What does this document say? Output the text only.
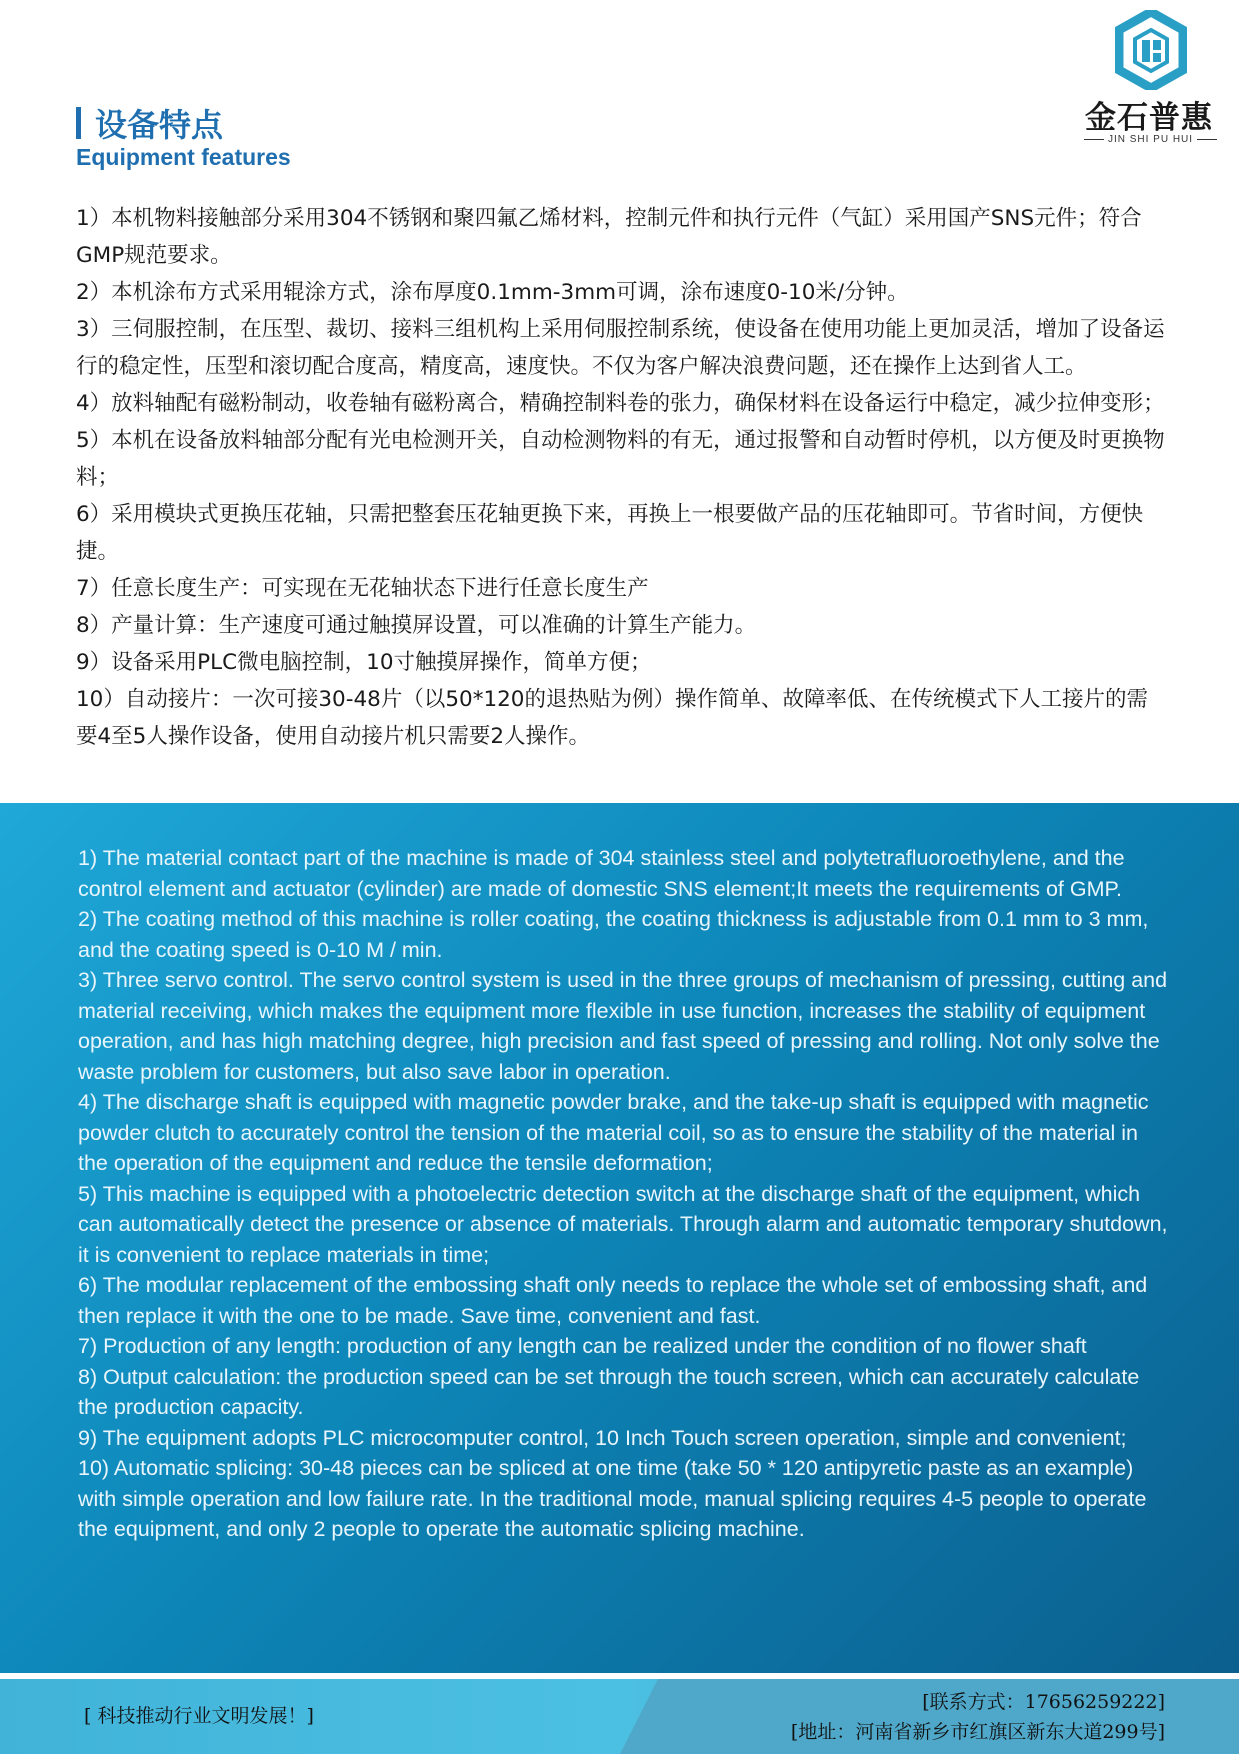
金石普惠
JIN SHI PU HUI
设备特点
Equipment features

1）本机物料接触部分采用304不锈钢和聚四氟乙烯材料，控制元件和执行元件（气缸）采用国产SNS元件；符合GMP规范要求。

2）本机涂布方式采用辊涂方式，涂布厚度0.1mm-3mm可调，涂布速度0-10米/分钟。

3）三伺服控制，在压型、裁切、接料三组机构上采用伺服控制系统，使设备在使用功能上更加灵活，增加了设备运行的稳定性，压型和滚切配合度高，精度高，速度快。不仅为客户解决浪费问题，还在操作上达到省人工。

4）放料轴配有磁粉制动，收卷轴有磁粉离合，精确控制料卷的张力，确保材料在设备运行中稳定，减少拉伸变形；

5）本机在设备放料轴部分配有光电检测开关，自动检测物料的有无，通过报警和自动暂时停机，以方便及时更换物料；

6）采用模块式更换压花轴，只需把整套压花轴更换下来，再换上一根要做产品的压花轴即可。节省时间，方便快捷。

7）任意长度生产：可实现在无花轴状态下进行任意长度生产

8）产量计算：生产速度可通过触摸屏设置，可以准确的计算生产能力。

9）设备采用PLC微电脑控制，10寸触摸屏操作，简单方便；

10）自动接片：一次可接30-48片（以50*120的退热贴为例）操作简单、故障率低、在传统模式下人工接片的需要4至5人操作设备，使用自动接片机只需要2人操作。

1) The material contact part of the machine is made of 304 stainless steel and polytetrafluoroethylene, and the control element and actuator (cylinder) are made of domestic SNS element;It meets the requirements of GMP.

2) The coating method of this machine is roller coating, the coating thickness is adjustable from 0.1 mm to 3 mm, and the coating speed is 0-10 M / min.

3) Three servo control. The servo control system is used in the three groups of mechanism of pressing, cutting and material receiving, which makes the equipment more flexible in use function, increases the stability of equipment operation, and has high matching degree, high precision and fast speed of pressing and rolling. Not only solve the waste problem for customers, but also save labor in operation.

4) The discharge shaft is equipped with magnetic powder brake, and the take-up shaft is equipped with magnetic powder clutch to accurately control the tension of the material coil, so as to ensure the stability of the material in the operation of the equipment and reduce the tensile deformation;

5) This machine is equipped with a photoelectric detection switch at the discharge shaft of the equipment, which can automatically detect the presence or absence of materials. Through alarm and automatic temporary shutdown, it is convenient to replace materials in time;

6) The modular replacement of the embossing shaft only needs to replace the whole set of embossing shaft, and then replace it with the one to be made. Save time, convenient and fast.

7) Production of any length: production of any length can be realized under the condition of no flower shaft

8) Output calculation: the production speed can be set through the touch screen, which can accurately calculate the production capacity.

9) The equipment adopts PLC microcomputer control, 10 Inch Touch screen operation, simple and convenient;

10) Automatic splicing: 30-48 pieces can be spliced at one time (take 50 * 120 antipyretic paste as an example) with simple operation and low failure rate. In the traditional mode, manual splicing requires 4-5 people to operate the equipment, and only 2 people to operate the automatic splicing machine.

[ 科技推动行业文明发展！]
[联系方式：17656259222]
[地址：河南省新乡市红旗区新东大道299号]
